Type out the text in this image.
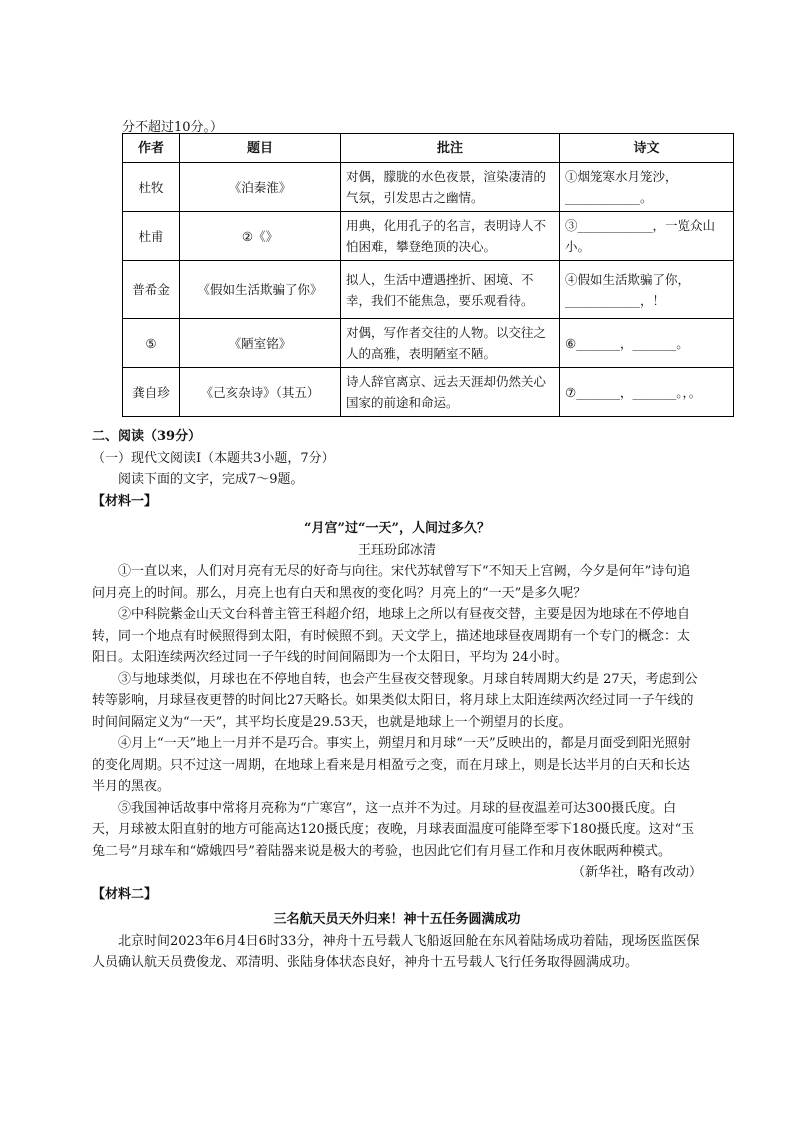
分不超过10分。）
作者	题目	批注	诗文
杜牧	《泊秦淮》	对偶，朦胧的水色夜景，渲染凄清的气氛，引发思古之幽情。	①烟笼寒水月笼沙，____________。
杜甫	②《》	用典，化用孔子的名言，表明诗人不怕困难，攀登绝顶的决心。	③____________，一览众山小。
普希金	《假如生活欺骗了你》	拟人，生活中遭遇挫折、困境、不幸，我们不能焦急，要乐观看待。	④假如生活欺骗了你，____________，！
⑤	《陋室铭》	对偶，写作者交往的人物。以交往之人的高雅，表明陋室不陋。	⑥_______，_______。
龚自珍	《己亥杂诗》（其五）	诗人辞官离京、远去天涯却仍然关心国家的前途和命运。	⑦_______，_______。，。

二、阅读（39分）

（一）现代文阅读Ⅰ（本题共3小题，7分）

阅读下面的文字，完成7～9题。

【材料一】

“月宫”过“一天”，人间过多久？

王珏玢邱冰清

①一直以来，人们对月亮有无尽的好奇与向往。宋代苏轼曾写下“不知天上宫阙，今夕是何年”诗句追问月亮上的时间。那么，月亮上也有白天和黑夜的变化吗？月亮上的“一天”是多久呢？

②中科院紫金山天文台科普主管王科超介绍，地球上之所以有昼夜交替，主要是因为地球在不停地自转，同一个地点有时候照得到太阳，有时候照不到。天文学上，描述地球昼夜周期有一个专门的概念：太阳日。太阳连续两次经过同一子午线的时间间隔即为一个太阳日，平均为 24小时。

③与地球类似，月球也在不停地自转，也会产生昼夜交替现象。月球自转周期大约是 27天，考虑到公转等影响，月球昼夜更替的时间比27天略长。如果类似太阳日，将月球上太阳连续两次经过同一子午线的时间间隔定义为“一天”，其平均长度是29.53天，也就是地球上一个朔望月的长度。

④月上“一天”地上一月并不是巧合。事实上，朔望月和月球“一天”反映出的，都是月面受到阳光照射的变化周期。只不过这一周期，在地球上看来是月相盈亏之变，而在月球上，则是长达半月的白天和长达半月的黑夜。

⑤我国神话故事中常将月亮称为“广寒宫”，这一点并不为过。月球的昼夜温差可达300摄氏度。白天，月球被太阳直射的地方可能高达120摄氏度；夜晚，月球表面温度可能降至零下180摄氏度。这对“玉兔二号”月球车和“嫦娥四号”着陆器来说是极大的考验，也因此它们有月昼工作和月夜休眠两种模式。

（新华社，略有改动）

【材料二】

三名航天员天外归来！神十五任务圆满成功

北京时间2023年6月4日6时33分，神舟十五号载人飞船返回舱在东风着陆场成功着陆，现场医监医保人员确认航天员费俊龙、邓清明、张陆身体状态良好，神舟十五号载人飞行任务取得圆满成功。
